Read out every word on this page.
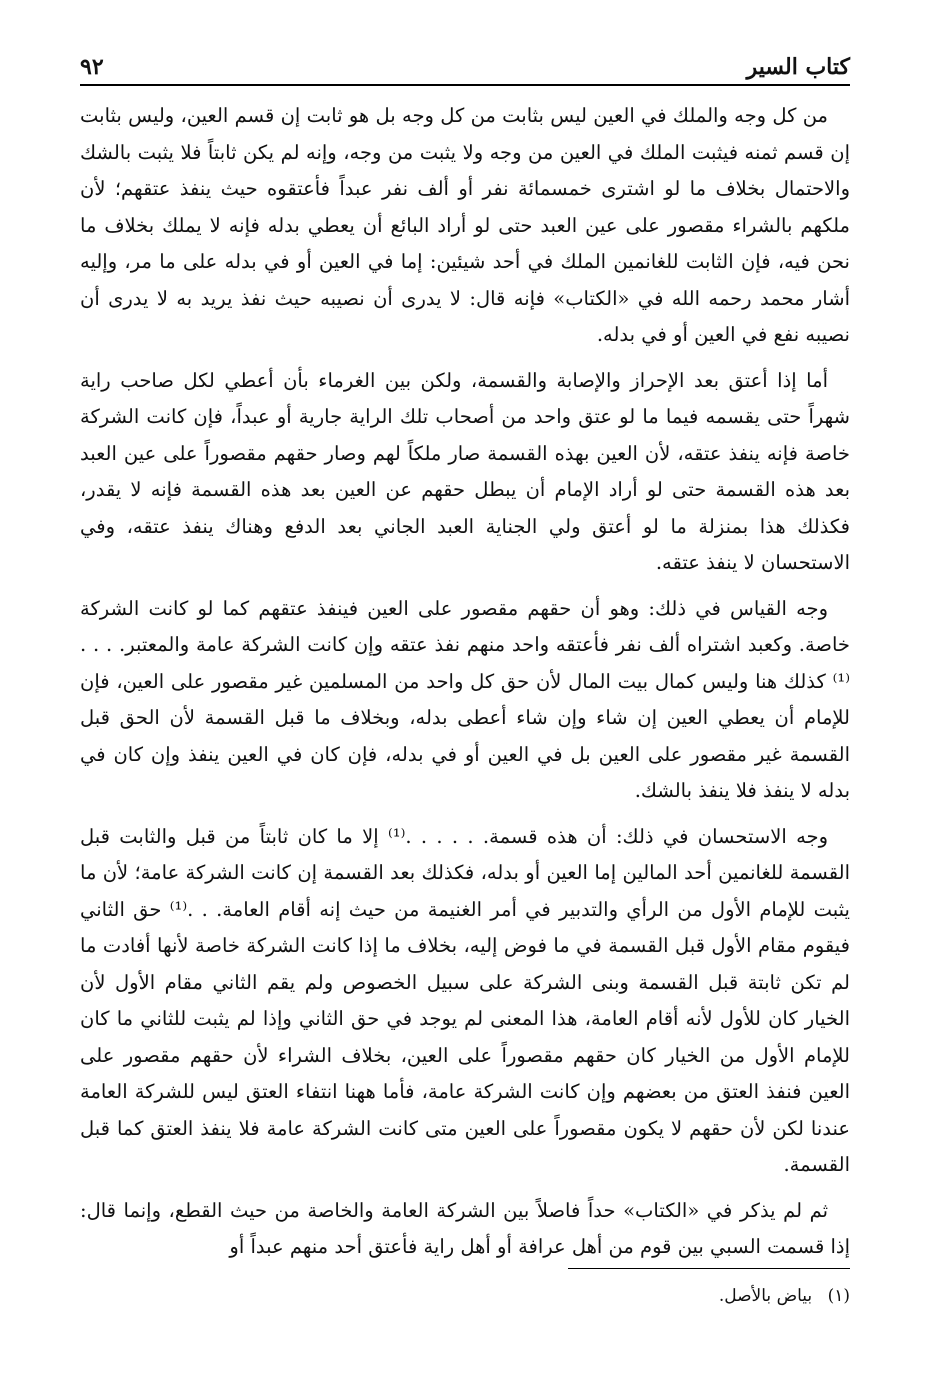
٩٢	كتاب السير

من كل وجه والملك في العين ليس بثابت من كل وجه بل هو ثابت إن قسم العين، وليس بثابت إن قسم ثمنه فيثبت الملك في العين من وجه ولا يثبت من وجه، وإنه لم يكن ثابتاً فلا يثبت بالشك والاحتمال بخلاف ما لو اشترى خمسمائة نفر أو ألف نفر عبداً فأعتقوه حيث ينفذ عتقهم؛ لأن ملكهم بالشراء مقصور على عين العبد حتى لو أراد البائع أن يعطي بدله فإنه لا يملك بخلاف ما نحن فيه، فإن الثابت للغانمين الملك في أحد شيئين: إما في العين أو في بدله على ما مر، وإليه أشار محمد رحمه الله في «الكتاب» فإنه قال: لا يدرى أن نصيبه حيث نفذ يريد به لا يدرى أن نصيبه نفع في العين أو في بدله.

أما إذا أعتق بعد الإحراز والإصابة والقسمة، ولكن بين الغرماء بأن أعطي لكل صاحب راية شهراً حتى يقسمه فيما ما لو عتق واحد من أصحاب تلك الراية جارية أو عبداً، فإن كانت الشركة خاصة فإنه ينفذ عتقه، لأن العين بهذه القسمة صار ملكاً لهم وصار حقهم مقصوراً على عين العبد بعد هذه القسمة حتى لو أراد الإمام أن يبطل حقهم عن العين بعد هذه القسمة فإنه لا يقدر، فكذلك هذا بمنزلة ما لو أعتق ولي الجناية العبد الجاني بعد الدفع وهناك ينفذ عتقه، وفي الاستحسان لا ينفذ عتقه.

وجه القياس في ذلك: وهو أن حقهم مقصور على العين فينفذ عتقهم كما لو كانت الشركة خاصة. وكعبد اشتراه ألف نفر فأعتقه واحد منهم نفذ عتقه وإن كانت الشركة عامة والمعتبر. . . .⁽¹⁾ كذلك هنا وليس كمال بيت المال لأن حق كل واحد من المسلمين غير مقصور على العين، فإن للإمام أن يعطي العين إن شاء وإن شاء أعطى بدله، وبخلاف ما قبل القسمة لأن الحق قبل القسمة غير مقصور على العين بل في العين أو في بدله، فإن كان في العين ينفذ وإن كان في بدله لا ينفذ فلا ينفذ بالشك.

وجه الاستحسان في ذلك: أن هذه قسمة. . . . . .⁽¹⁾ إلا ما كان ثابتاً من قبل والثابت قبل القسمة للغانمين أحد المالين إما العين أو بدله، فكذلك بعد القسمة إن كانت الشركة عامة؛ لأن ما يثبت للإمام الأول من الرأي والتدبير في أمر الغنيمة من حيث إنه أقام العامة. . .⁽¹⁾ حق الثاني فيقوم مقام الأول قبل القسمة في ما فوض إليه، بخلاف ما إذا كانت الشركة خاصة لأنها أفادت ما لم تكن ثابتة قبل القسمة وبنى الشركة على سبيل الخصوص ولم يقم الثاني مقام الأول لأن الخيار كان للأول لأنه أقام العامة، هذا المعنى لم يوجد في حق الثاني وإذا لم يثبت للثاني ما كان للإمام الأول من الخيار كان حقهم مقصوراً على العين، بخلاف الشراء لأن حقهم مقصور على العين فنفذ العتق من بعضهم وإن كانت الشركة عامة، فأما ههنا انتفاء العتق ليس للشركة العامة عندنا لكن لأن حقهم لا يكون مقصوراً على العين متى كانت الشركة عامة فلا ينفذ العتق كما قبل القسمة.

ثم لم يذكر في «الكتاب» حداً فاصلاً بين الشركة العامة والخاصة من حيث القطع، وإنما قال: إذا قسمت السبي بين قوم من أهل عرافة أو أهل راية فأعتق أحد منهم عبداً أو

(١) بياض بالأصل.
